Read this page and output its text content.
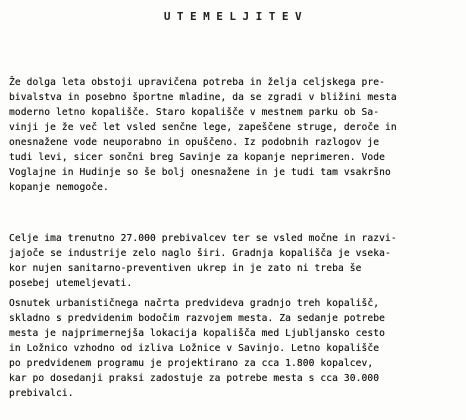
UTEMELJITEV
Že dolga leta obstoji upravičena potreba in želja celjskega pre-
bivalstva in posebno športne mladine, da se zgradi v bližini mesta
moderno letno kopališče. Staro kopališče v mestnem parku ob Sa-
vinji je že več let vsled senčne lege, zapeščene struge, deroče in
onesnažene vode neuporabno in opuščeno. Iz podobnih razlogov je
tudi levi, sicer sončni breg Savinje za kopanje neprimeren. Vode
Voglajne in Hudinje so še bolj onesnažene in je tudi tam vsakršno
kopanje nemogoče.
Celje ima trenutno 27.000 prebivalcev ter se vsled močne in razvi-
jajoče se industrije zelo naglo širi. Gradnja kopališča je vseka-
kor nujen sanitarno-preventiven ukrep in je zato ni treba še
posebej utemeljevati.
Osnutek urbanističnega načrta predvideva gradnjo treh kopališč,
skladno s predvidenim bodočim razvojem mesta. Za sedanje potrebe
mesta je najprimernejša lokacija kopališča med Ljubljansko cesto
in Ložnico vzhodno od izliva Ložnice v Savinjo. Letno kopališče
po predvidenem programu je projektirano za cca 1.800 kopalcev,
kar po dosedanji praksi zadostuje za potrebe mesta s cca 30.000
prebivalci.
